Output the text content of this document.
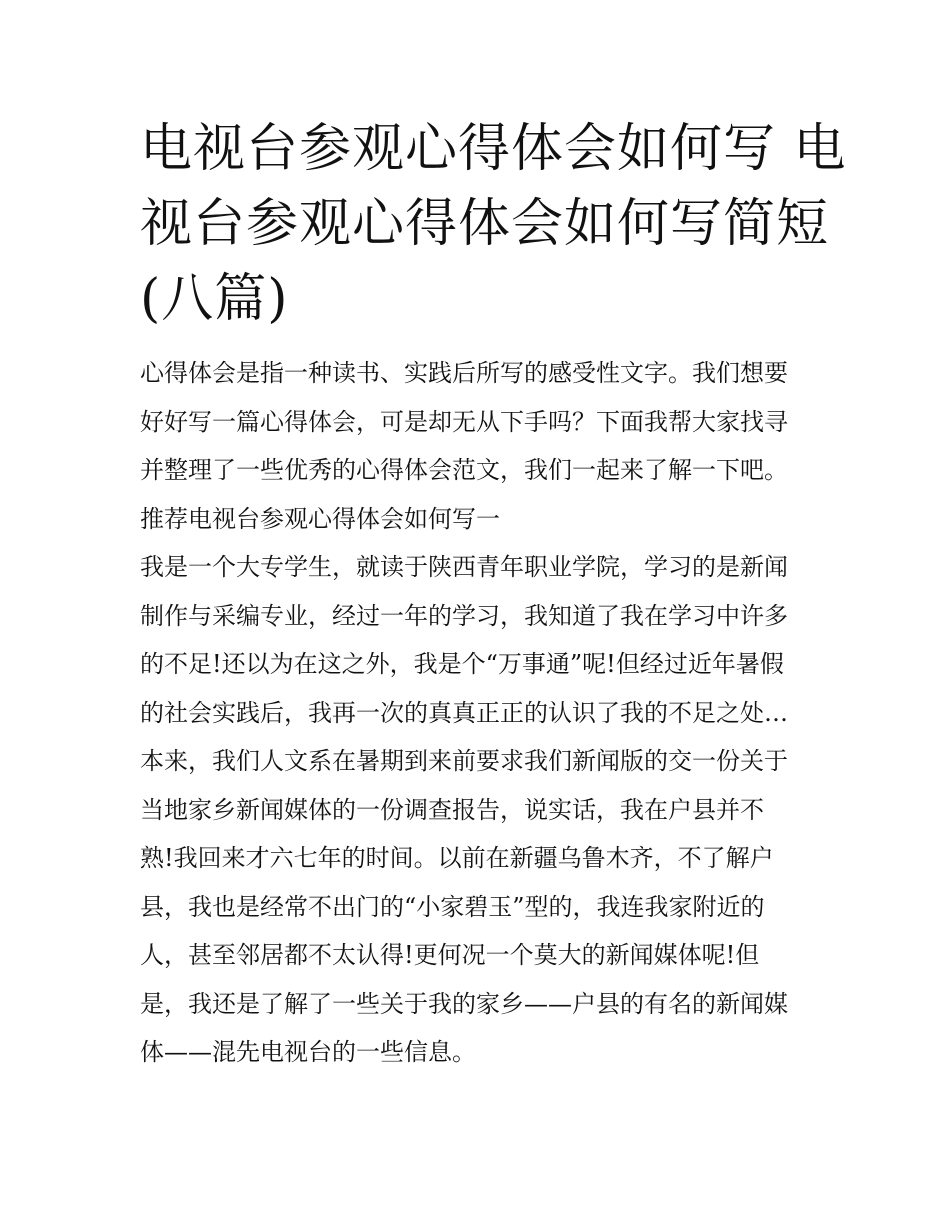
电视台参观心得体会如何写 电
视台参观心得体会如何写简短
(八篇)
心得体会是指一种读书、实践后所写的感受性文字。我们想要
好好写一篇心得体会，可是却无从下手吗？下面我帮大家找寻
并整理了一些优秀的心得体会范文，我们一起来了解一下吧。
推荐电视台参观心得体会如何写一
我是一个大专学生，就读于陕西青年职业学院，学习的是新闻
制作与采编专业，经过一年的学习，我知道了我在学习中许多
的不足!还以为在这之外，我是个“万事通”呢!但经过近年暑假
的社会实践后，我再一次的真真正正的认识了我的不足之处…
本来，我们人文系在暑期到来前要求我们新闻版的交一份关于
当地家乡新闻媒体的一份调查报告，说实话，我在户县并不
熟!我回来才六七年的时间。以前在新疆乌鲁木齐，不了解户
县，我也是经常不出门的“小家碧玉”型的，我连我家附近的
人，甚至邻居都不太认得!更何况一个莫大的新闻媒体呢!但
是，我还是了解了一些关于我的家乡——户县的有名的新闻媒
体——混先电视台的一些信息。
